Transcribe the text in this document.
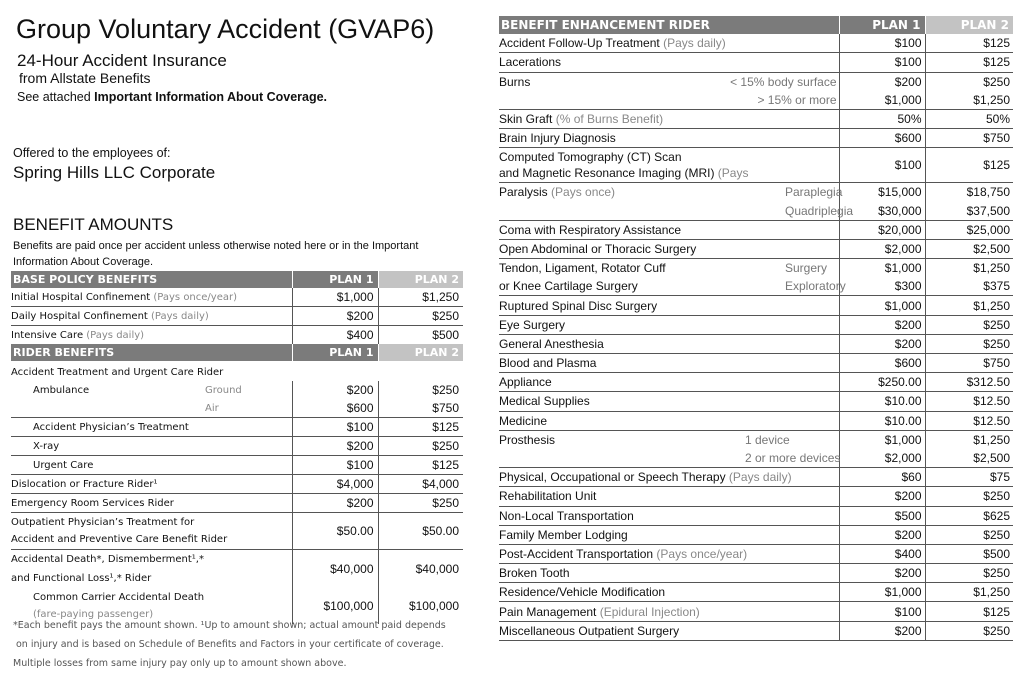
Group Voluntary Accident (GVAP6)
24-Hour Accident Insurance
from Allstate Benefits
See attached Important Information About Coverage.
Offered to the employees of:
Spring Hills LLC Corporate
BENEFIT AMOUNTS
Benefits are paid once per accident unless otherwise noted here or in the Important Information About Coverage.
BASE POLICY BENEFITS	PLAN 1	PLAN 2
Initial Hospital Confinement (Pays once/year)	$1,000	$1,250
Daily Hospital Confinement (Pays daily)	$200	$250
Intensive Care (Pays daily)	$400	$500
RIDER BENEFITS	PLAN 1	PLAN 2
Accident Treatment and Urgent Care Rider		
Ambulance Ground	$200	$250
Air	$600	$750
Accident Physician’s Treatment	$100	$125
X-ray	$200	$250
Urgent Care	$100	$125
Dislocation or Fracture Rider¹	$4,000	$4,000
Emergency Room Services Rider	$200	$250

Outpatient Physician’s Treatment for
Accident and Preventive Care Benefit Rider	$50.00	$50.00

Accidental Death*, Dismemberment¹,*
and Functional Loss¹,* Rider	$40,000	$40,000

Common Carrier Accidental Death
(fare-paying passenger)	$100,000	$100,000
*Each benefit pays the amount shown. ¹Up to amount shown; actual amount paid depends
on injury and is based on Schedule of Benefits and Factors in your certificate of coverage.
Multiple losses from same injury pay only up to amount shown above.
BENEFIT ENHANCEMENT RIDER		PLAN 1	PLAN 2
Accident Follow-Up Treatment (Pays daily)		$100	$125
Lacerations		$100	$125
Burns	< 15% body surface	$200	$250
	> 15% or more	$1,000	$1,250
Skin Graft (% of Burns Benefit)		50%	50%
Brain Injury Diagnosis		$600	$750

Computed Tomography (CT) Scan
and Magnetic Resonance Imaging (MRI) (Pays		$100	$125
Paralysis (Pays once)	Paraplegia	$15,000	$18,750
	Quadriplegia	$30,000	$37,500
Coma with Respiratory Assistance		$20,000	$25,000
Open Abdominal or Thoracic Surgery		$2,000	$2,500
Tendon, Ligament, Rotator Cuff	Surgery	$1,000	$1,250
or Knee Cartilage Surgery	Exploratory	$300	$375
Ruptured Spinal Disc Surgery		$1,000	$1,250
Eye Surgery		$200	$250
General Anesthesia		$200	$250
Blood and Plasma		$600	$750
Appliance		$250.00	$312.50
Medical Supplies		$10.00	$12.50
Medicine		$10.00	$12.50
Prosthesis	1 device	$1,000	$1,250
	2 or more devices	$2,000	$2,500
Physical, Occupational or Speech Therapy (Pays daily)		$60	$75
Rehabilitation Unit		$200	$250
Non-Local Transportation		$500	$625
Family Member Lodging		$200	$250
Post-Accident Transportation (Pays once/year)		$400	$500
Broken Tooth		$200	$250
Residence/Vehicle Modification		$1,000	$1,250
Pain Management (Epidural Injection)		$100	$125
Miscellaneous Outpatient Surgery		$200	$250
